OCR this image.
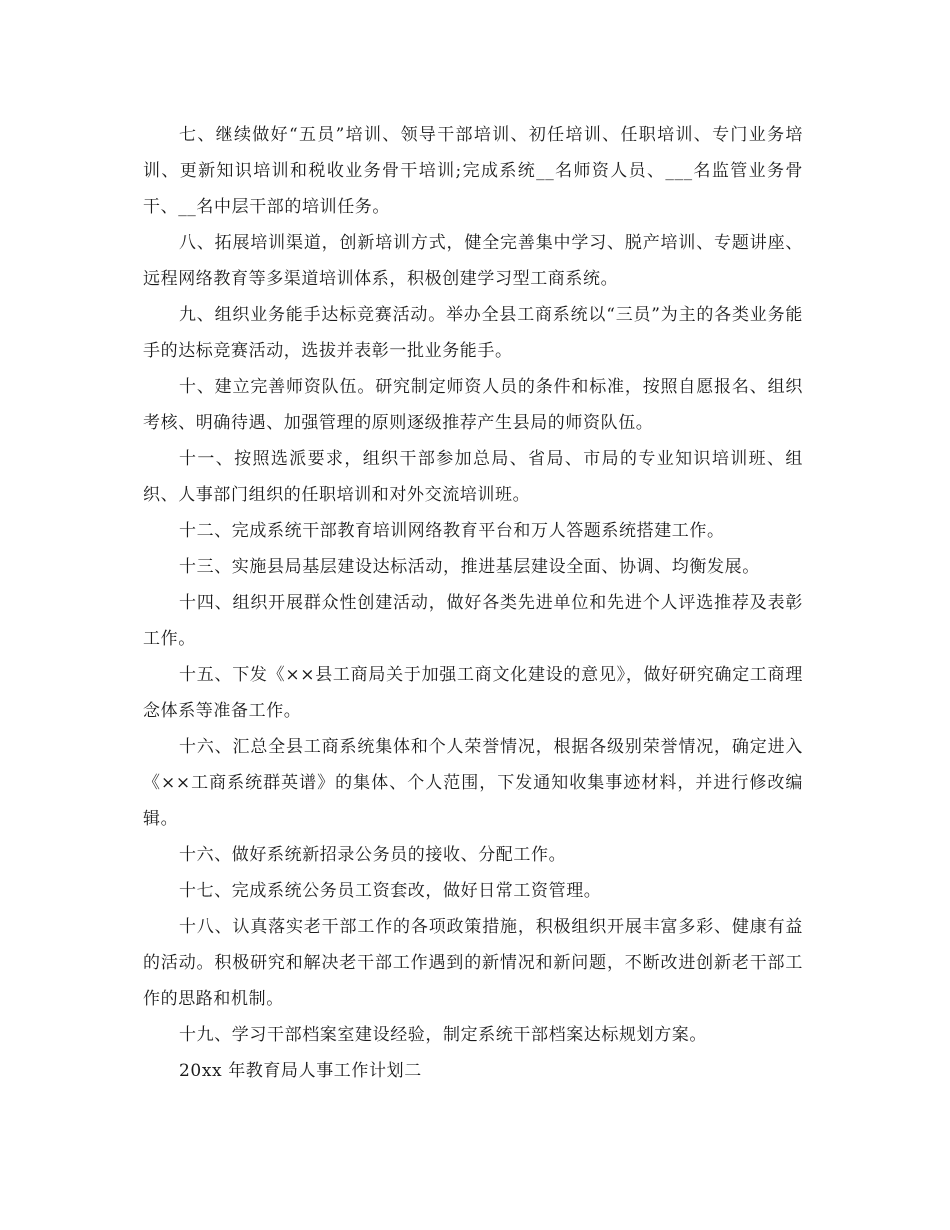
七、继续做好“五员”培训、领导干部培训、初任培训、任职培训、专门业务培训、更新知识培训和税收业务骨干培训;完成系统__名师资人员、___名监管业务骨干、__名中层干部的培训任务。

八、拓展培训渠道，创新培训方式，健全完善集中学习、脱产培训、专题讲座、远程网络教育等多渠道培训体系，积极创建学习型工商系统。

九、组织业务能手达标竞赛活动。举办全县工商系统以“三员”为主的各类业务能手的达标竞赛活动，选拔并表彰一批业务能手。

十、建立完善师资队伍。研究制定师资人员的条件和标准，按照自愿报名、组织考核、明确待遇、加强管理的原则逐级推荐产生县局的师资队伍。

十一、按照选派要求，组织干部参加总局、省局、市局的专业知识培训班、组织、人事部门组织的任职培训和对外交流培训班。

十二、完成系统干部教育培训网络教育平台和万人答题系统搭建工作。

十三、实施县局基层建设达标活动，推进基层建设全面、协调、均衡发展。

十四、组织开展群众性创建活动，做好各类先进单位和先进个人评选推荐及表彰工作。

十五、下发《××县工商局关于加强工商文化建设的意见》，做好研究确定工商理念体系等准备工作。

十六、汇总全县工商系统集体和个人荣誉情况，根据各级别荣誉情况，确定进入《××工商系统群英谱》的集体、个人范围，下发通知收集事迹材料，并进行修改编辑。

十六、做好系统新招录公务员的接收、分配工作。

十七、完成系统公务员工资套改，做好日常工资管理。

十八、认真落实老干部工作的各项政策措施，积极组织开展丰富多彩、健康有益的活动。积极研究和解决老干部工作遇到的新情况和新问题，不断改进创新老干部工作的思路和机制。

十九、学习干部档案室建设经验，制定系统干部档案达标规划方案。

20xx 年教育局人事工作计划二
